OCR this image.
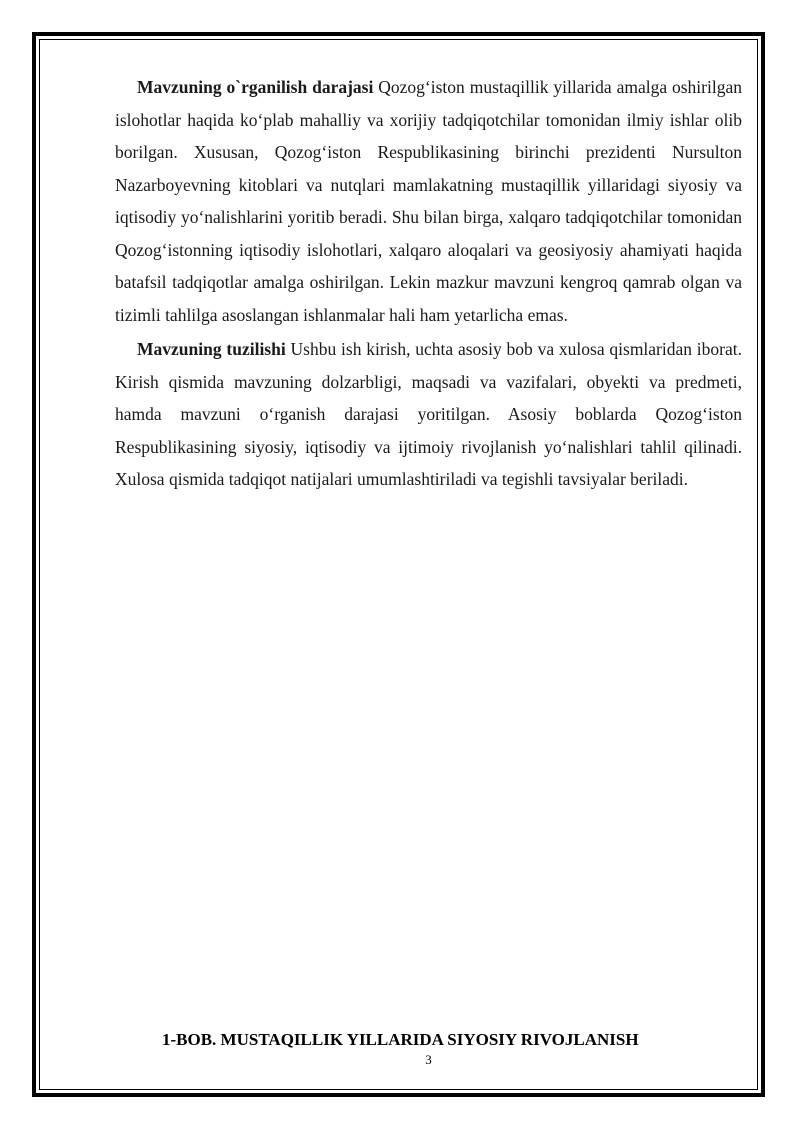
Mavzuning o`rganilish darajasi Qozog‘iston mustaqillik yillarida amalga oshirilgan islohotlar haqida ko‘plab mahalliy va xorijiy tadqiqotchilar tomonidan ilmiy ishlar olib borilgan. Xususan, Qozog‘iston Respublikasining birinchi prezidenti Nursulton Nazarboyevning kitoblari va nutqlari mamlakatning mustaqillik yillaridagi siyosiy va iqtisodiy yo‘nalishlarini yoritib beradi. Shu bilan birga, xalqaro tadqiqotchilar tomonidan Qozog‘istonning iqtisodiy islohotlari, xalqaro aloqalari va geosiyosiy ahamiyati haqida batafsil tadqiqotlar amalga oshirilgan. Lekin mazkur mavzuni kengroq qamrab olgan va tizimli tahlilga asoslangan ishlanmalar hali ham yetarlicha emas.

Mavzuning tuzilishi Ushbu ish kirish, uchta asosiy bob va xulosa qismlaridan iborat. Kirish qismida mavzuning dolzarbligi, maqsadi va vazifalari, obyekti va predmeti, hamda mavzuni o‘rganish darajasi yoritilgan. Asosiy boblarda Qozog‘iston Respublikasining siyosiy, iqtisodiy va ijtimoiy rivojlanish yo‘nalishlari tahlil qilinadi. Xulosa qismida tadqiqot natijalari umumlashtiriladi va tegishli tavsiyalar beriladi.

1-BOB. MUSTAQILLIK YILLARIDA SIYOSIY RIVOJLANISH
3
